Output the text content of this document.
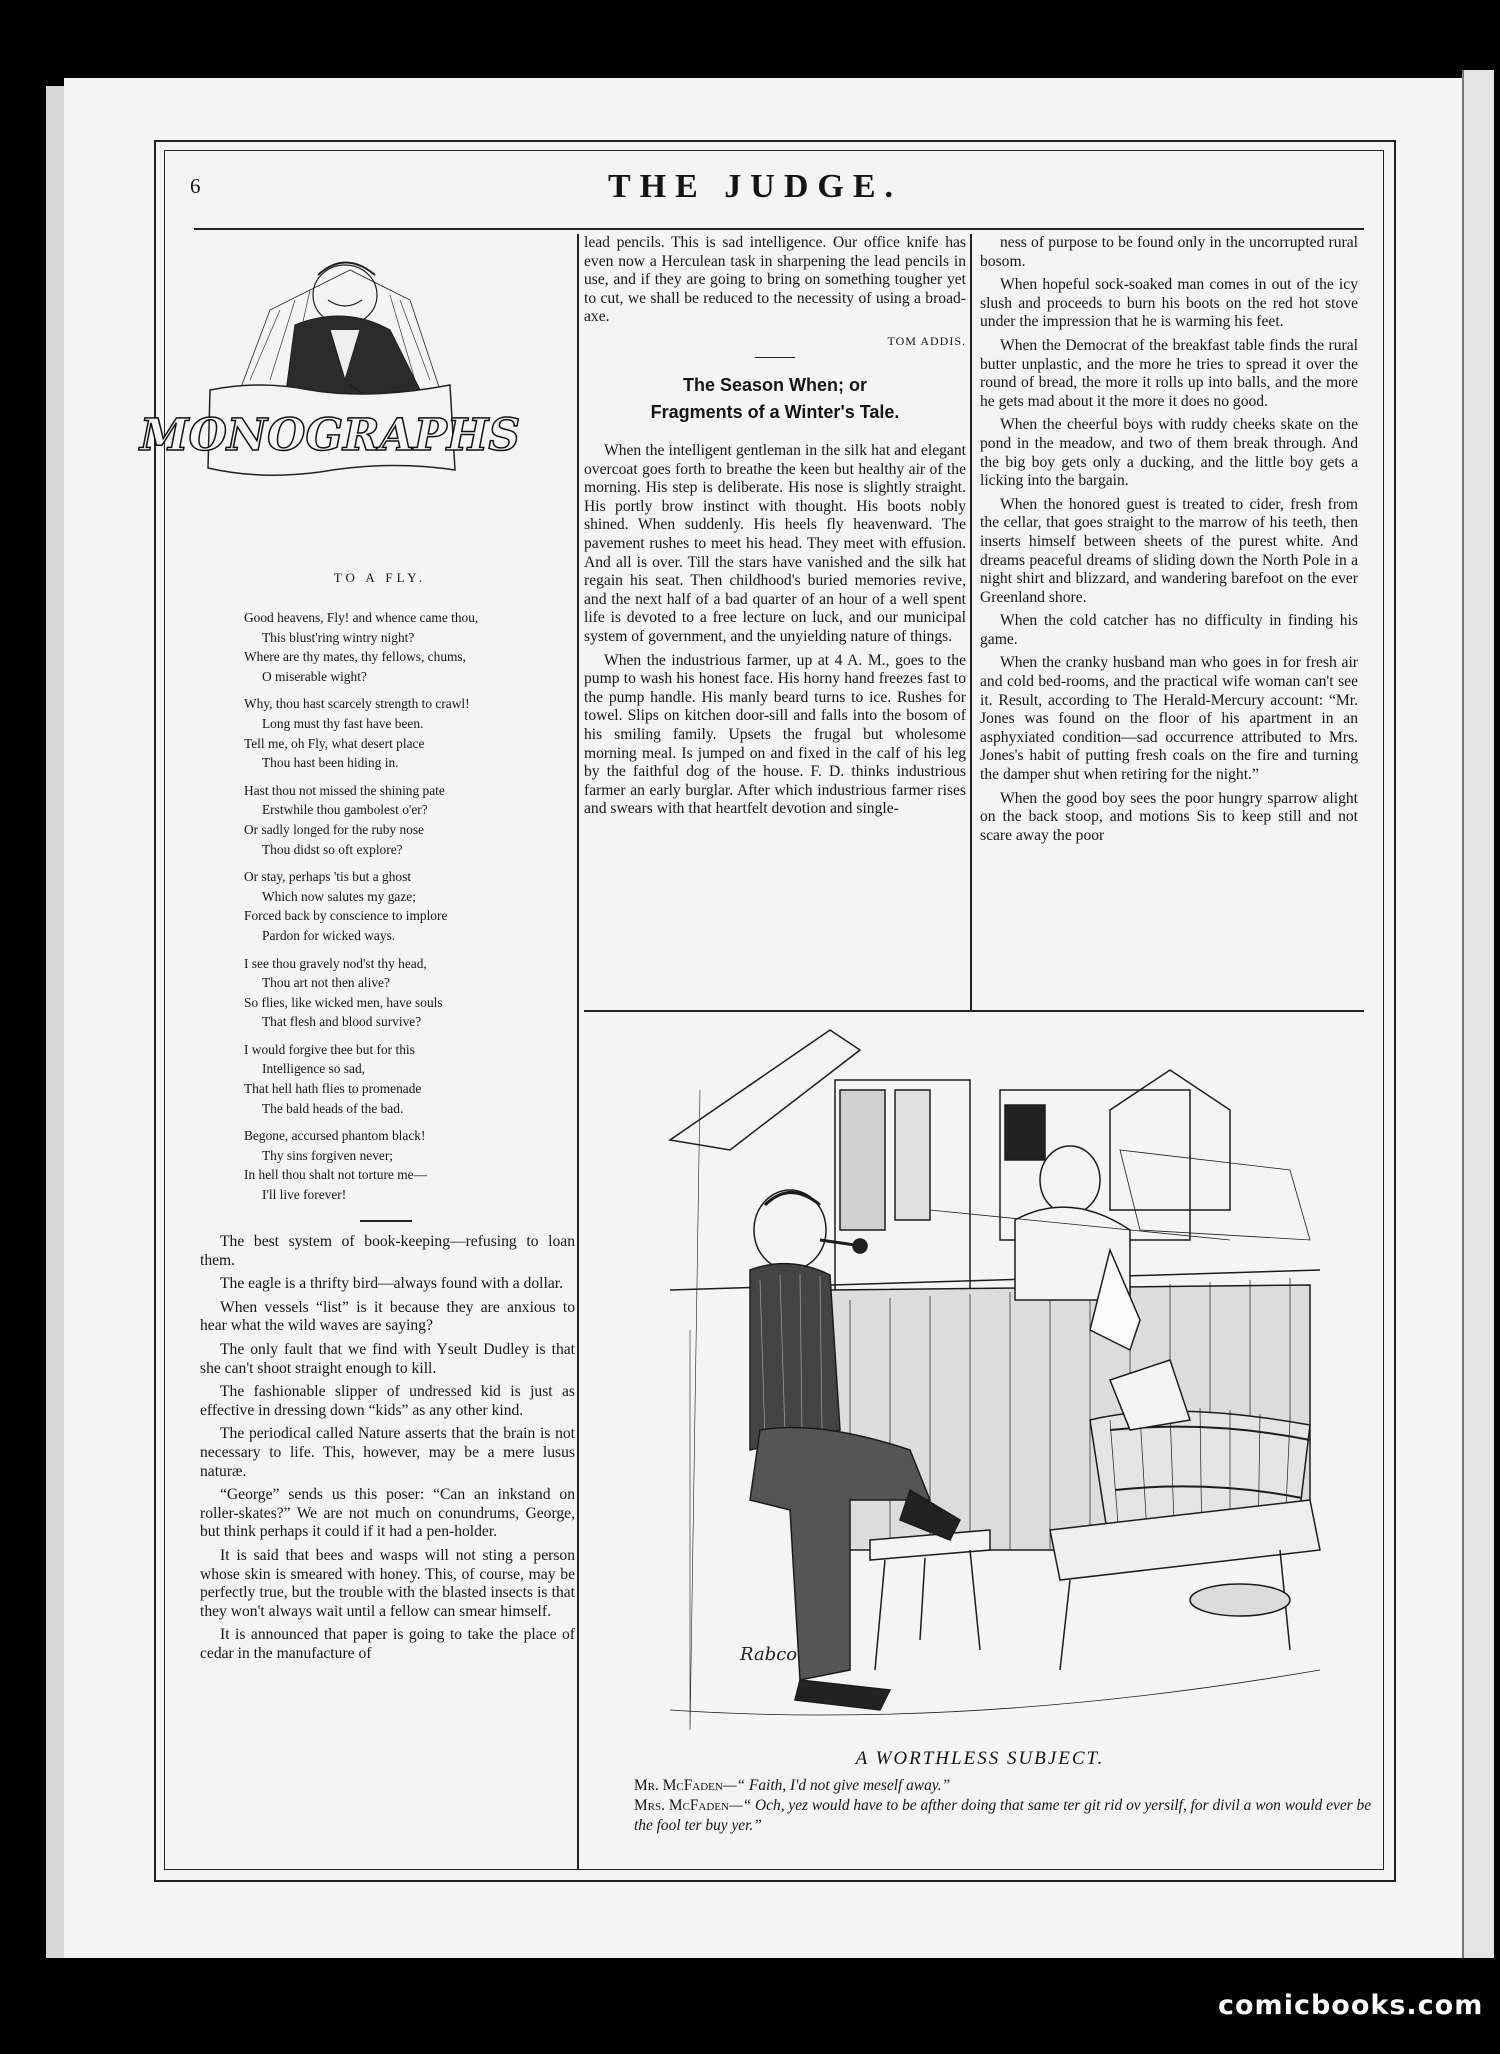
6	THE JUDGE.
MONOGRAPHS
TO A FLY.
Good heavens, Fly! and whence came thou,
This blust'ring wintry night?
Where are thy mates, thy fellows, chums,
O miserable wight?
Why, thou hast scarcely strength to crawl!
Long must thy fast have been.
Tell me, oh Fly, what desert place
Thou hast been hiding in.
Hast thou not missed the shining pate
Erstwhile thou gambolest o'er?
Or sadly longed for the ruby nose
Thou didst so oft explore?
Or stay, perhaps 'tis but a ghost
Which now salutes my gaze;
Forced back by conscience to implore
Pardon for wicked ways.
I see thou gravely nod'st thy head,
Thou art not then alive?
So flies, like wicked men, have souls
That flesh and blood survive?
I would forgive thee but for this
Intelligence so sad,
That hell hath flies to promenade
The bald heads of the bad.
Begone, accursed phantom black!
Thy sins forgiven never;
In hell thou shalt not torture me—
I'll live forever!

The best system of book-keeping—refusing to loan them.

The eagle is a thrifty bird—always found with a dollar.

When vessels “list” is it because they are anxious to hear what the wild waves are saying?

The only fault that we find with Yseult Dudley is that she can't shoot straight enough to kill.

The fashionable slipper of undressed kid is just as effective in dressing down “kids” as any other kind.

The periodical called Nature asserts that the brain is not necessary to life. This, however, may be a mere lusus naturæ.

“George” sends us this poser: “Can an inkstand on roller-skates?” We are not much on conundrums, George, but think perhaps it could if it had a pen-holder.

It is said that bees and wasps will not sting a person whose skin is smeared with honey. This, of course, may be perfectly true, but the trouble with the blasted insects is that they won't always wait until a fellow can smear himself.

It is announced that paper is going to take the place of cedar in the manufacture of

lead pencils. This is sad intelligence. Our office knife has even now a Herculean task in sharpening the lead pencils in use, and if they are going to bring on something tougher yet to cut, we shall be reduced to the necessity of using a broad-axe.

TOM ADDIS.
The Season When; or
Fragments of a Winter's Tale.

When the intelligent gentleman in the silk hat and elegant overcoat goes forth to breathe the keen but healthy air of the morning. His step is deliberate. His nose is slightly straight. His portly brow instinct with thought. His boots nobly shined. When suddenly. His heels fly heavenward. The pavement rushes to meet his head. They meet with effusion. And all is over. Till the stars have vanished and the silk hat regain his seat. Then childhood's buried memories revive, and the next half of a bad quarter of an hour of a well spent life is devoted to a free lecture on luck, and our municipal system of government, and the unyielding nature of things.

When the industrious farmer, up at 4 A. M., goes to the pump to wash his honest face. His horny hand freezes fast to the pump handle. His manly beard turns to ice. Rushes for towel. Slips on kitchen door-sill and falls into the bosom of his smiling family. Upsets the frugal but wholesome morning meal. Is jumped on and fixed in the calf of his leg by the faithful dog of the house. F. D. thinks industrious farmer an early burglar. After which industrious farmer rises and swears with that heartfelt devotion and single-

ness of purpose to be found only in the uncorrupted rural bosom.

When hopeful sock-soaked man comes in out of the icy slush and proceeds to burn his boots on the red hot stove under the impression that he is warming his feet.

When the Democrat of the breakfast table finds the rural butter unplastic, and the more he tries to spread it over the round of bread, the more it rolls up into balls, and the more he gets mad about it the more it does no good.

When the cheerful boys with ruddy cheeks skate on the pond in the meadow, and two of them break through. And the big boy gets only a ducking, and the little boy gets a licking into the bargain.

When the honored guest is treated to cider, fresh from the cellar, that goes straight to the marrow of his teeth, then inserts himself between sheets of the purest white. And dreams peaceful dreams of sliding down the North Pole in a night shirt and blizzard, and wandering barefoot on the ever Greenland shore.

When the cold catcher has no difficulty in finding his game.

When the cranky husband man who goes in for fresh air and cold bed-rooms, and the practical wife woman can't see it. Result, according to The Herald-Mercury account: “Mr. Jones was found on the floor of his apartment in an asphyxiated condition—sad occurrence attributed to Mrs. Jones's habit of putting fresh coals on the fire and turning the damper shut when retiring for the night.”

When the good boy sees the poor hungry sparrow alight on the back stoop, and motions Sis to keep still and not scare away the poor

Rabco
A WORTHLESS SUBJECT.
Mr. McFaden—“ Faith, I'd not give meself away.”
Mrs. McFaden—“ Och, yez would have to be afther doing that same ter git rid ov yersilf, for divil a won would ever be the fool ter buy yer.”
comicbooks.com
